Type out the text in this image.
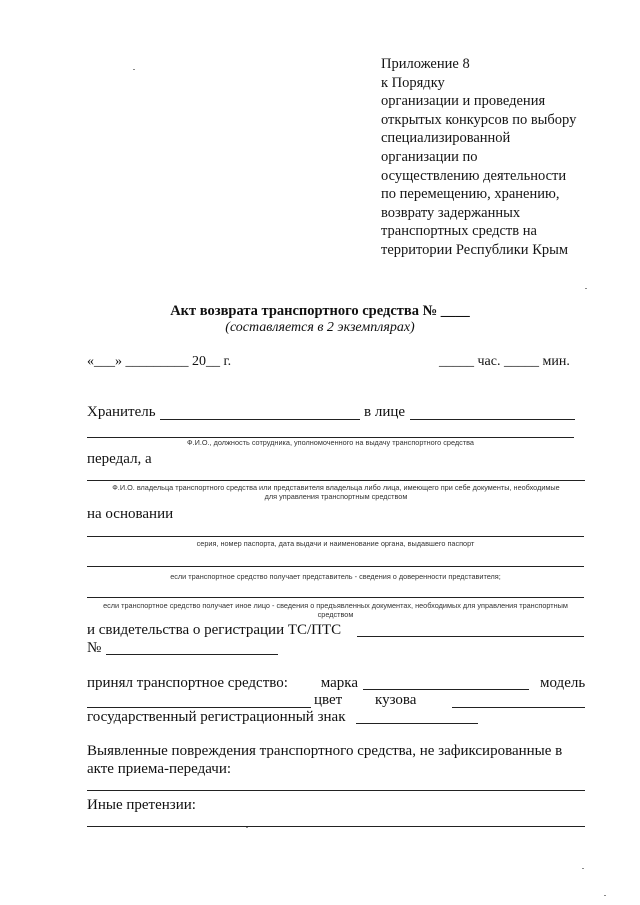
Приложение 8
к Порядку
организации и проведения
открытых конкурсов по выбору
специализированной
организации по
осуществлению деятельности
по перемещению, хранению,
возврату задержанных
транспортных средств на
территории Республики Крым
Акт возврата транспортного средства № ____
(составляется в 2 экземплярах)
«___» _________ 20__ г.	_____ час. _____ мин.
Хранитель	в лице
Ф.И.О., должность сотрудника, уполномоченного на выдачу транспортного средства
передал, а
Ф.И.О. владельца транспортного средства или представителя владельца либо лица, имеющего при себе документы, необходимые
для управления транспортным средством
на основании
серия, номер паспорта, дата выдачи и наименование органа, выдавшего паспорт
если транспортное средство получает представитель - сведения о доверенности представителя;
если транспортное средство получает иное лицо - сведения о предъявленных документах, необходимых для управления транспортным
средством
и свидетельства о регистрации ТС/ПТС
№
принял транспортное средство: марка	модель
цвет кузова
государственный регистрационный знак
Выявленные повреждения транспортного средства, не зафиксированные в
акте приема-передачи:
Иные претензии:
